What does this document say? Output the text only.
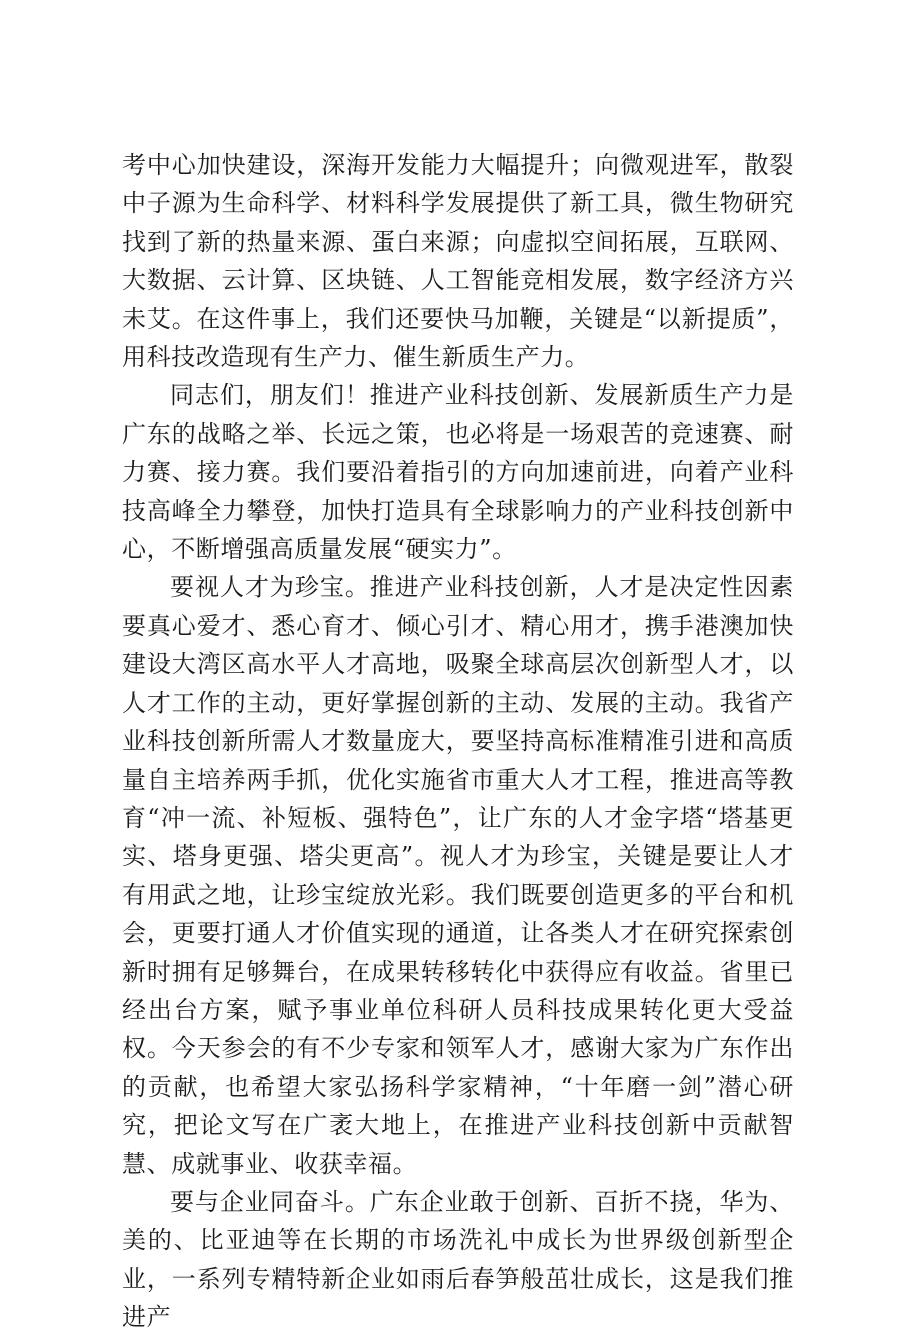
考中心加快建设，深海开发能力大幅提升；向微观进军，散裂中子源为生命科学、材料科学发展提供了新工具，微生物研究找到了新的热量来源、蛋白来源；向虚拟空间拓展，互联网、大数据、云计算、区块链、人工智能竞相发展，数字经济方兴未艾。在这件事上，我们还要快马加鞭，关键是“以新提质”，用科技改造现有生产力、催生新质生产力。

同志们，朋友们！推进产业科技创新、发展新质生产力是广东的战略之举、长远之策，也必将是一场艰苦的竞速赛、耐力赛、接力赛。我们要沿着指引的方向加速前进，向着产业科技高峰全力攀登，加快打造具有全球影响力的产业科技创新中心，不断增强高质量发展“硬实力”。

要视人才为珍宝。推进产业科技创新，人才是决定性因素要真心爱才、悉心育才、倾心引才、精心用才，携手港澳加快建设大湾区高水平人才高地，吸聚全球高层次创新型人才，以人才工作的主动，更好掌握创新的主动、发展的主动。我省产业科技创新所需人才数量庞大，要坚持高标准精准引进和高质量自主培养两手抓，优化实施省市重大人才工程，推进高等教育“冲一流、补短板、强特色”，让广东的人才金字塔“塔基更实、塔身更强、塔尖更高”。视人才为珍宝，关键是要让人才有用武之地，让珍宝绽放光彩。我们既要创造更多的平台和机会，更要打通人才价值实现的通道，让各类人才在研究探索创新时拥有足够舞台，在成果转移转化中获得应有收益。省里已经出台方案，赋予事业单位科研人员科技成果转化更大受益权。今天参会的有不少专家和领军人才，感谢大家为广东作出的贡献，也希望大家弘扬科学家精神，“十年磨一剑”潜心研究，把论文写在广袤大地上，在推进产业科技创新中贡献智慧、成就事业、收获幸福。

要与企业同奋斗。广东企业敢于创新、百折不挠，华为、美的、比亚迪等在长期的市场洗礼中成长为世界级创新型企业，一系列专精特新企业如雨后春笋般茁壮成长，这是我们推进产
